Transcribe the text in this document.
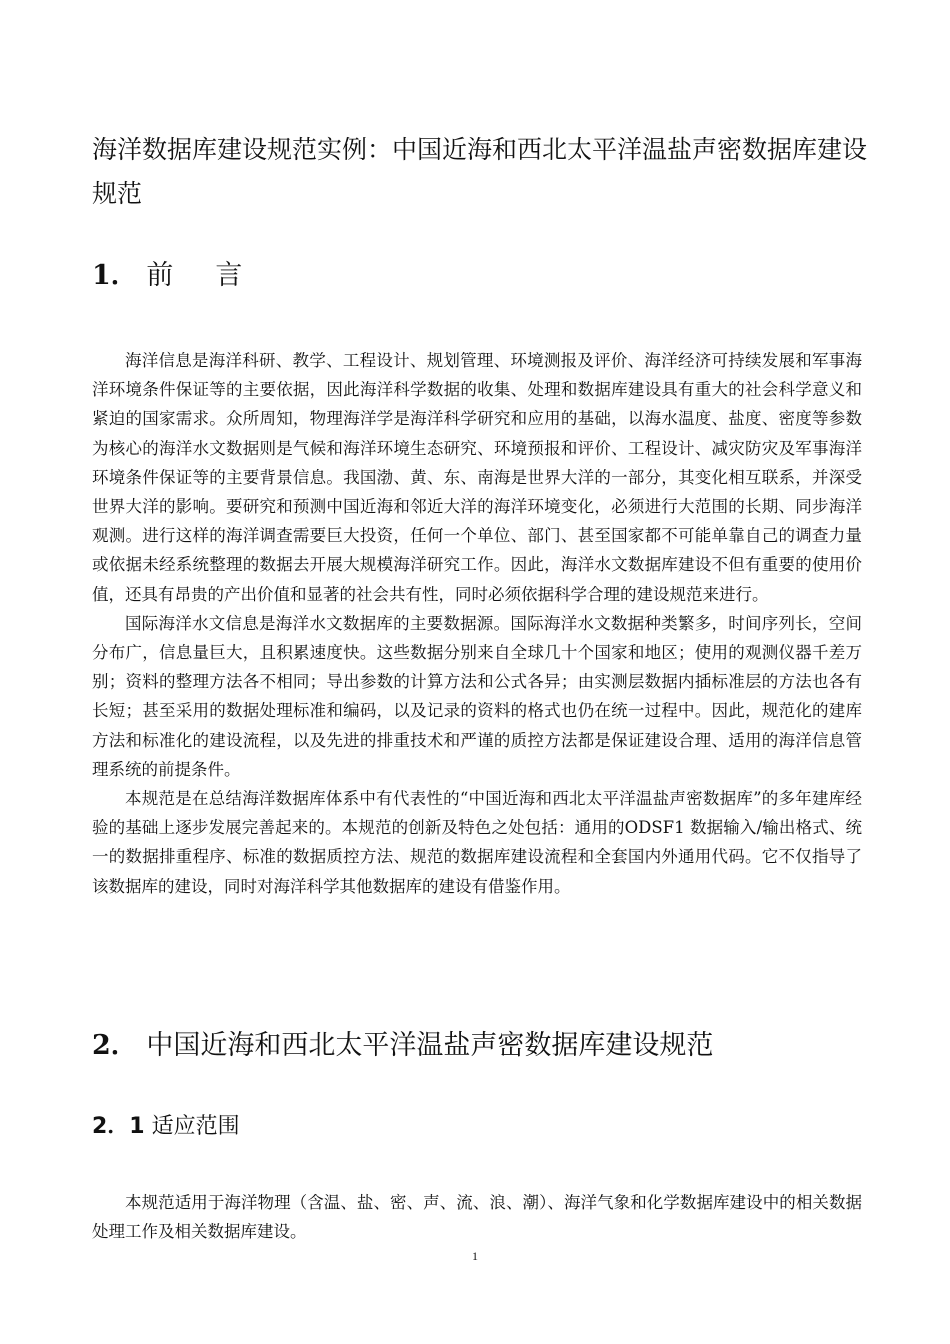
海洋数据库建设规范实例：中国近海和西北太平洋温盐声密数据库建设规范
1． 前 言

海洋信息是海洋科研、教学、工程设计、规划管理、环境测报及评价、海洋经济可持续发展和军事海洋环境条件保证等的主要依据，因此海洋科学数据的收集、处理和数据库建设具有重大的社会科学意义和紧迫的国家需求。众所周知，物理海洋学是海洋科学研究和应用的基础，以海水温度、盐度、密度等参数为核心的海洋水文数据则是气候和海洋环境生态研究、环境预报和评价、工程设计、减灾防灾及军事海洋环境条件保证等的主要背景信息。我国渤、黄、东、南海是世界大洋的一部分，其变化相互联系，并深受世界大洋的影响。要研究和预测中国近海和邻近大洋的海洋环境变化，必须进行大范围的长期、同步海洋观测。进行这样的海洋调查需要巨大投资，任何一个单位、部门、甚至国家都不可能单靠自己的调查力量或依据未经系统整理的数据去开展大规模海洋研究工作。因此，海洋水文数据库建设不但有重要的使用价值，还具有昂贵的产出价值和显著的社会共有性，同时必须依据科学合理的建设规范来进行。

国际海洋水文信息是海洋水文数据库的主要数据源。国际海洋水文数据种类繁多，时间序列长，空间分布广，信息量巨大，且积累速度快。这些数据分别来自全球几十个国家和地区；使用的观测仪器千差万别；资料的整理方法各不相同；导出参数的计算方法和公式各异；由实测层数据内插标准层的方法也各有长短；甚至采用的数据处理标准和编码，以及记录的资料的格式也仍在统一过程中。因此，规范化的建库方法和标准化的建设流程，以及先进的排重技术和严谨的质控方法都是保证建设合理、适用的海洋信息管理系统的前提条件。

本规范是在总结海洋数据库体系中有代表性的“中国近海和西北太平洋温盐声密数据库”的多年建库经验的基础上逐步发展完善起来的。本规范的创新及特色之处包括：通用的ODSF1 数据输入/输出格式、统一的数据排重程序、标准的数据质控方法、规范的数据库建设流程和全套国内外通用代码。它不仅指导了该数据库的建设，同时对海洋科学其他数据库的建设有借鉴作用。

2． 中国近海和西北太平洋温盐声密数据库建设规范
2．1 适应范围

本规范适用于海洋物理（含温、盐、密、声、流、浪、潮）、海洋气象和化学数据库建设中的相关数据处理工作及相关数据库建设。

1
